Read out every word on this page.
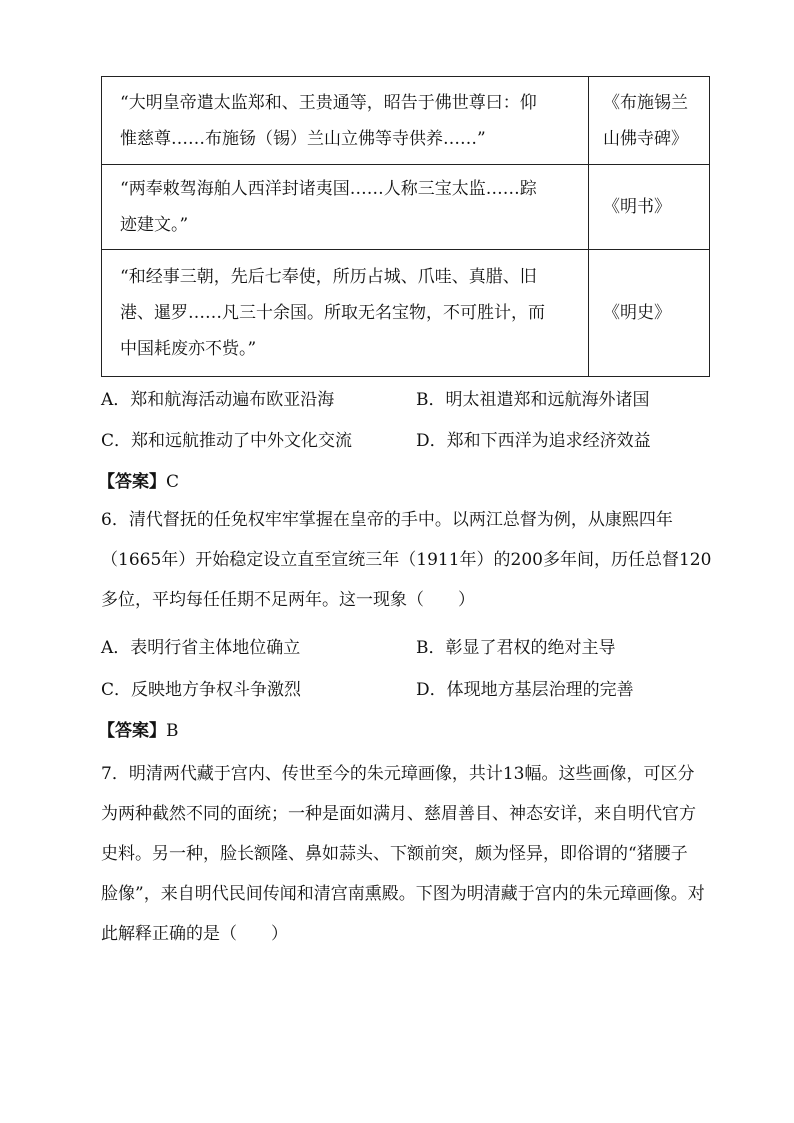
“大明皇帝遣太监郑和、王贵通等，昭告于佛世尊曰：仰
惟慈尊……布施钖（锡）兰山立佛等寺供养……”	《布施锡兰
山佛寺碑》
“两奉敕驾海舶人西洋封诸夷国……人称三宝太监……踪
迹建文。”	《明书》
“和经事三朝，先后七奉使，所历占城、爪哇、真腊、旧
港、暹罗……凡三十余国。所取无名宝物，不可胜计，而
中国耗废亦不赀。”	《明史》
A．郑和航海活动遍布欧亚沿海	B．明太祖遣郑和远航海外诸国
C．郑和远航推动了中外文化交流	D．郑和下西洋为追求经济效益
【答案】C
6．清代督抚的任免权牢牢掌握在皇帝的手中。以两江总督为例，从康熙四年
（1665年）开始稳定设立直至宣统三年（1911年）的200多年间，历任总督120
多位，平均每任任期不足两年。这一现象（　　）
A．表明行省主体地位确立	B．彰显了君权的绝对主导
C．反映地方争权斗争激烈	D．体现地方基层治理的完善
【答案】B
7．明清两代藏于宫内、传世至今的朱元璋画像，共计13幅。这些画像，可区分
为两种截然不同的面统；一种是面如满月、慈眉善目、神态安详，来自明代官方
史料。另一种，脸长额隆、鼻如蒜头、下额前突，颇为怪异，即俗谓的“猪腰子
脸像”，来自明代民间传闻和清宫南熏殿。下图为明清藏于宫内的朱元璋画像。对
此解释正确的是（　　）
